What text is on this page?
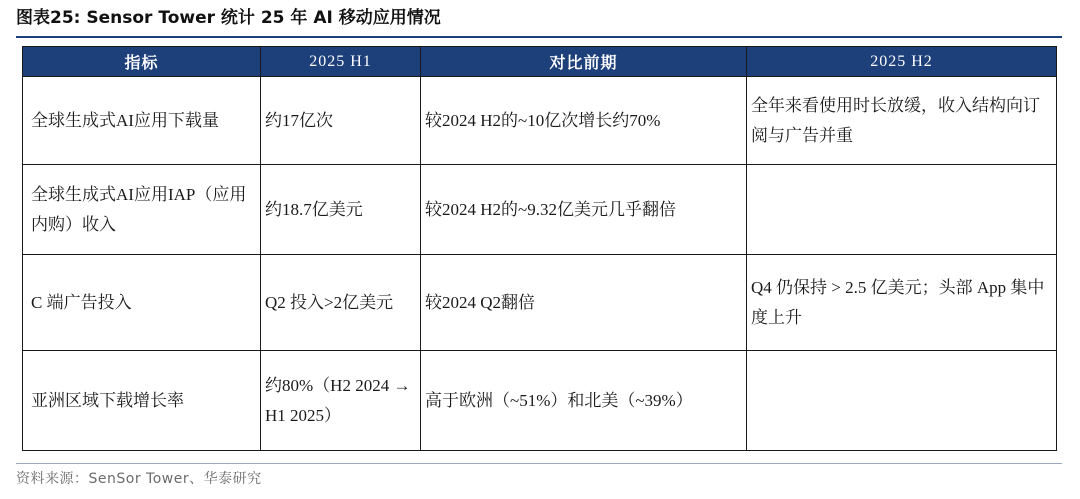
图表25: Sensor Tower 统计 25 年 AI 移动应用情况
指标	2025 H1	对比前期	2025 H2
全球生成式AI应用下载量	约17亿次	较2024 H2的~10亿次增长约70%	全年来看使用时长放缓，收入结构向订阅与广告并重
全球生成式AI应用IAP（应用内购）收入	约18.7亿美元	较2024 H2的~9.32亿美元几乎翻倍	
C 端广告投入	Q2 投入>2亿美元	较2024 Q2翻倍	Q4 仍保持 > 2.5 亿美元；头部 App 集中度上升
亚洲区域下载增长率	约80%（H2 2024 → H1 2025）	高于欧洲（~51%）和北美（~39%）	
资料来源：SenSor Tower、华泰研究
